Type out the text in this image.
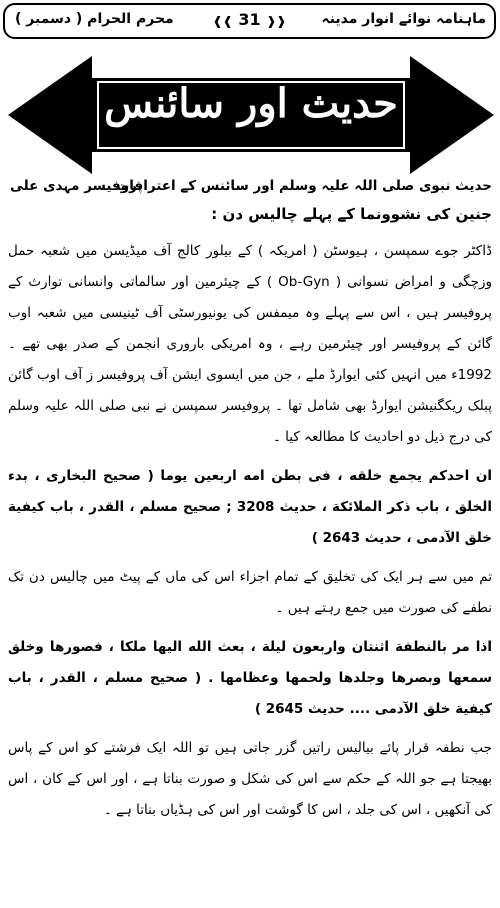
ماہنامہ نوائے انوار مدینہ
❰❰ 31 ❱❱
محرم الحرام ( دسمبر )
حدیث اور سائنس
حدیث نبوی صلی اللہ علیہ وسلم اور سائنس کے اعترافات
پروفیسر مہدی علی
جنین کی نشوونما کے پہلے چالیس دن :

ڈاکٹر جوے سمپسن ، ہیوسٹن ( امریکہ ) کے بیلور کالج آف میڈیسن میں شعبہ حمل وزچگی و امراض نسوانی ( Ob-Gyn ) کے چیئرمین اور سالماتی وانسانی توارث کے پروفیسر ہیں ، اس سے پہلے وہ میمفس کی یونیورسٹی آف ٹینیسی میں شعبہ اوب گائن کے پروفیسر اور چیئرمین رہے ، وہ امریکی باروری انجمن کے صدر بھی تھے ۔ 1992ء میں انہیں کئی ایوارڈ ملے ، جن میں ایسوی ایشن آف پروفیسر ز آف اوب گائن پبلک ریکگنیشن ایوارڈ بھی شامل تھا ۔ پروفیسر سمپسن نے نبی صلی اللہ علیہ وسلم کی درج ذیل دو احادیث کا مطالعہ کیا ۔

ان احدكم يجمع خلقه ، فى بطن امه اربعين يوما ( صحيح البخاری ، بدء الخلق ، باب ذكر الملائكة ، حديث 3208 ; صحيح مسلم ، القدر ، باب كيفية خلق الآدمى ، حديث 2643 )

تم میں سے ہر ایک کی تخلیق کے تمام اجزاء اس کی ماں کے پیٹ میں چالیس دن تک نطفے کی صورت میں جمع رہتے ہیں ۔

اذا مر بالنطفة اثنتان واربعون ليلة ، بعث الله اليها ملكا ، فصورها وخلق سمعها وبصرها وجلدها ولحمها وعظامها . ( صحيح مسلم ، القدر ، باب كيفية خلق الآدمى .... حديث 2645 )

جب نطفہ قرار پائے بیالیس راتیں گزر جاتی ہیں تو اللہ ایک فرشتے کو اس کے پاس بھیجتا ہے جو اللہ کے حکم سے اس کی شکل و صورت بناتا ہے ، اور اس کے کان ، اس کی آنکھیں ، اس کی جلد ، اس کا گوشت اور اس کی ہڈیاں بناتا ہے ۔
